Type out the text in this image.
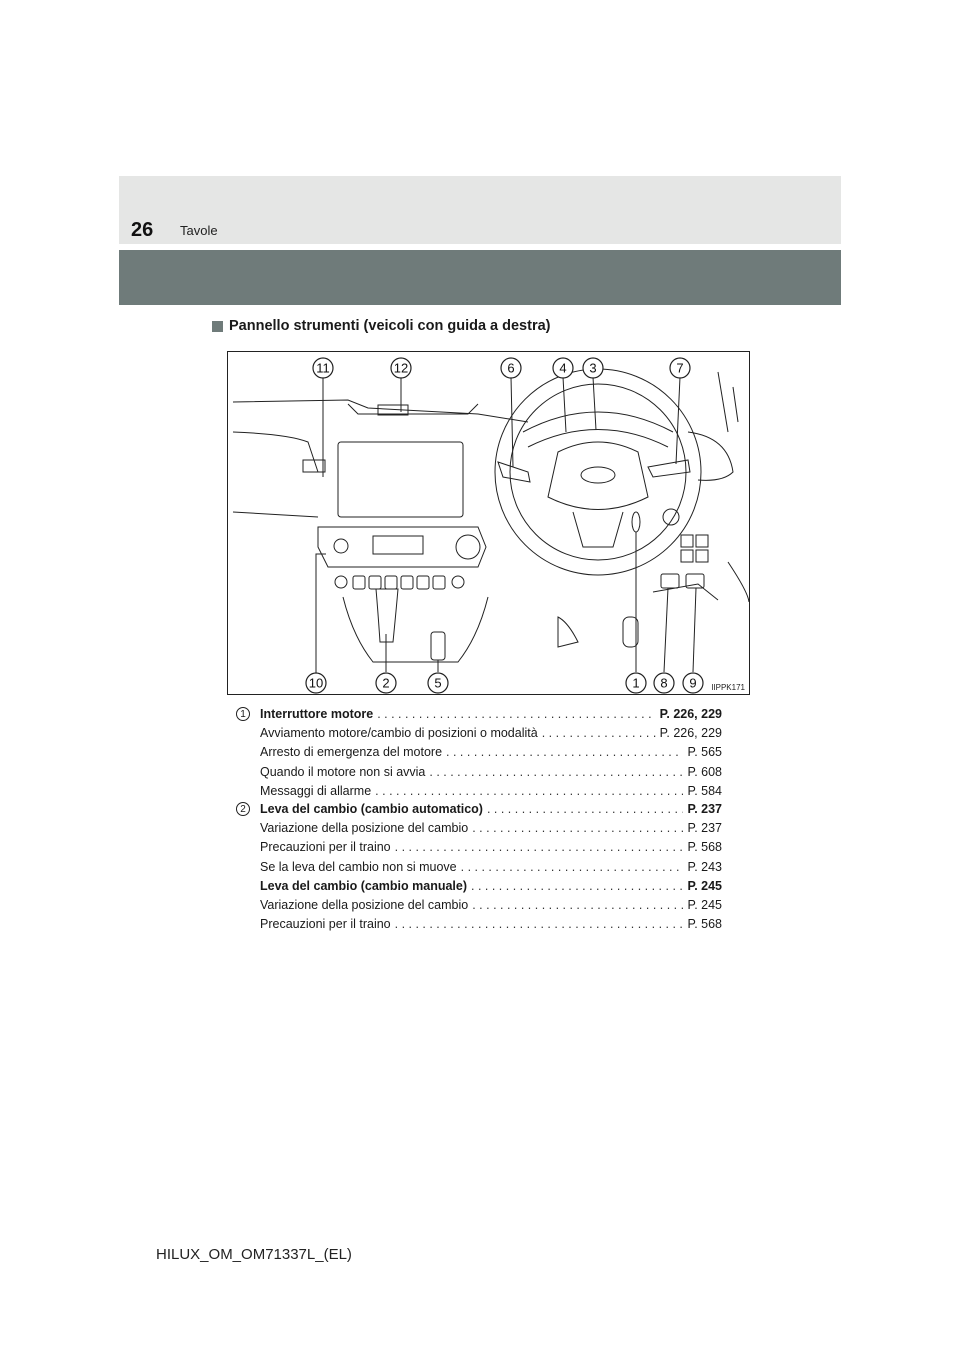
26 Tavole
Pannello strumenti (veicoli con guida a destra)
11	12	6	4 3	7
10	2	5	1 8 9 IIPPK171
1	Interruttore motore . . .	P. 226, 229
Avviamento motore/cambio di posizioni o modalità . . .	P. 226, 229
Arresto di emergenza del motore . . .	P. 565
Quando il motore non si avvia . . .	P. 608
Messaggi di allarme . . .	P. 584
2	Leva del cambio (cambio automatico) . . .	P. 237
Variazione della posizione del cambio . . .	P. 237
Precauzioni per il traino . . .	P. 568
Se la leva del cambio non si muove . . .	P. 243
Leva del cambio (cambio manuale) . . .	P. 245
Variazione della posizione del cambio . . .	P. 245
Precauzioni per il traino . . .	P. 568
HILUX_OM_OM71337L_(EL)
